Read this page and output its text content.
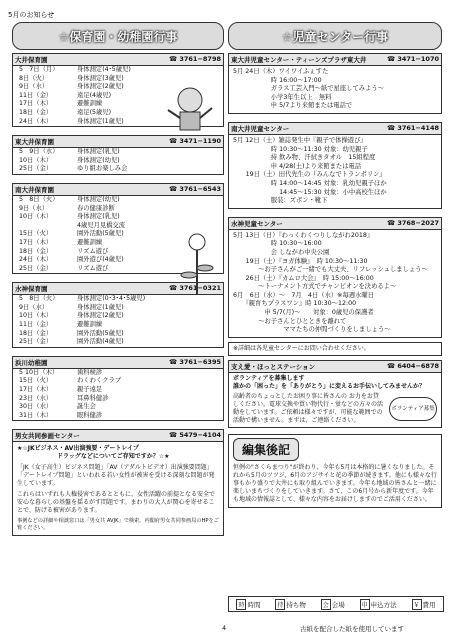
5月のお知らせ
☆保育園・幼稚園行事
大井保育園	☎ 3761−8798
5　7日（月）	身体測定(4･5歳児)
8日（火）	身体測定(3歳児)
9日（水）	身体測定(2歳児)
11日（金）	遠足(4歳児)
17日（木）	避難訓練
18日（金）	遠足(5歳児)
24日（木）	身体測定(1歳児)
東大井保育園	☎ 3471−1190
5　9日（水）	身体測定(乳児)
10日（木）	身体測定(幼児)
25日（金）	ゆり組お楽しみ会
南大井保育園	☎ 3761−6543
5　8日（火）	身体測定(幼児)
9日（水）	春の健康診断
10日（木）	身体測定(乳児)
4歳児月見橋交流
15日（火）	園外活動(5歳児)
17日（木）	避難訓練
18日（金）	リズム遊び
24日（木）	園外遊び(4歳児)
25日（金）	リズム遊び
水神保育園	☎ 3761−0321
5　8日（火）	身体測定(0･3･4･5歳児)
9日（水）	身体測定(1歳児)
10日（木）	身体測定(2歳児)
11日（金）	避難訓練
18日（金）	園外活動(5歳児)
25日（金）	園外活動(4歳児)
浜川幼稚園	☎ 3761−6395
5 10日（木）	歯科検診
15日（火）	わくわくクラブ
17日（木）	親子遠足
23日（水）	耳鼻科健診
30日（水）	誕生会
31日（木）	眼科健診
男女共同参画センター	☎ 5479−4104
★☆JKビジネス・AV出演強要・デートレイプ
ドラッグなどについてご存知ですか？☆★
「JK（女子高生）ビジネス問題」「AV（アダルトビデオ）出演強要問題」「デートレイプ問題」といわれる若い女性が被害を受ける深刻な問題が発生しています。
これらはいずれも人権侵害であるとともに、女性活躍の前提となる安全で安心な暮らしの基盤を揺るがす問題です。まわりの大人が関心を寄せることで、防げる被害があります。
事例などの詳細や相談窓口は「男女共 AVJK」で検索。内閣府男女共同参画局のHPをご覧ください。
☆児童センター行事
東大井児童センター・ティーンズプラザ東大井	☎ 3471−1070
5月 24日（木）ワイワイふぇすた
　　　　　　時 16:00～17:00
　　　　　　ガラス工芸入門～紙で星座してみよう～
　　　　　　小学3年生以上　無料
　　　　　　申 5/7より来館または電話で
南大井児童センター	☎ 3761−4148
5月 12日（土）雑誌発生中『親子で体操遊び』
　　　　　　時 10:30～11:30 対象：幼児親子
　　　　　　持 飲み物、汗拭きタオル　15組程度
　　　　　　申 4/28(土)より来館または電話
　　19日（土）田代先生の『みんなでトランポリン』
　　　　　　時 14:00～14:45 対象：乳幼児親子ほか
　　　　　　　 14:45～15:30 対象：小中高校生ほか
　　　　　　服装：ズボン・靴下
水神児童センター	☎ 3768−2027
5月 13日（日）『わっくわくつりしながわ2018』
　　　　　　時 10:30～16:00
　　　　　　会 しながわ中央公園
　　19日（土）『ヨガ体験』　時 10:30～11:30
　　　　～お子さんがご一緒でも大丈夫、リフレッシュしましょう～
　　26日（土）『カムロ大会』　時 15:00～16:00
　　　　～トーナメント方式でチャンピオンを決めるよ～
6月　6日（水）～　7月　4日（水）※毎週水曜日
　　『親育ちプラスワン』時 10:30～12:00
　　　　　申 5/7(月)～　　対象：0歳児の保護者
　　　　～お子さんとひとときを離れて
　　　　　　　　ママたちの仲間づくりをしましょう～
※詳細は各児童センターにお問い合わせください。
支え愛・ほっとステーション	☎ 6404−6878
ボランティアを募集します
誰かの「困った」を「ありがとう」に変えるお手伝いしてみませんか？
高齢者のちょっとしたお困り事に皆さんの お力をお貸しください。電球交換や買い物代行・蛍などの方々の活動をしています。ご依頼は様々ですが、可能な範囲での活動で構いません。まずは、ご連絡ください。
ボランティア募集
編集後記
恒例の"さくらまつり"が終わり、今年も5月は本格的に暑くなりました。それから5月のツツジ、6月のアジサイと花の季節が続きます。他にも様々な行事もかり盛りで大井にも取り組んでいきます。今年も地域の皆さんと一緒に楽しいまちづくりをしていきます。さて、この6月号から新年度です。今年も地域の情報誌として、様々な内容をお届けしますのでご活用ください。
時 時間	持 持ち物	会 会場	申 申込方法	￥ 費用
4	古紙を配合した紙を使用しています
